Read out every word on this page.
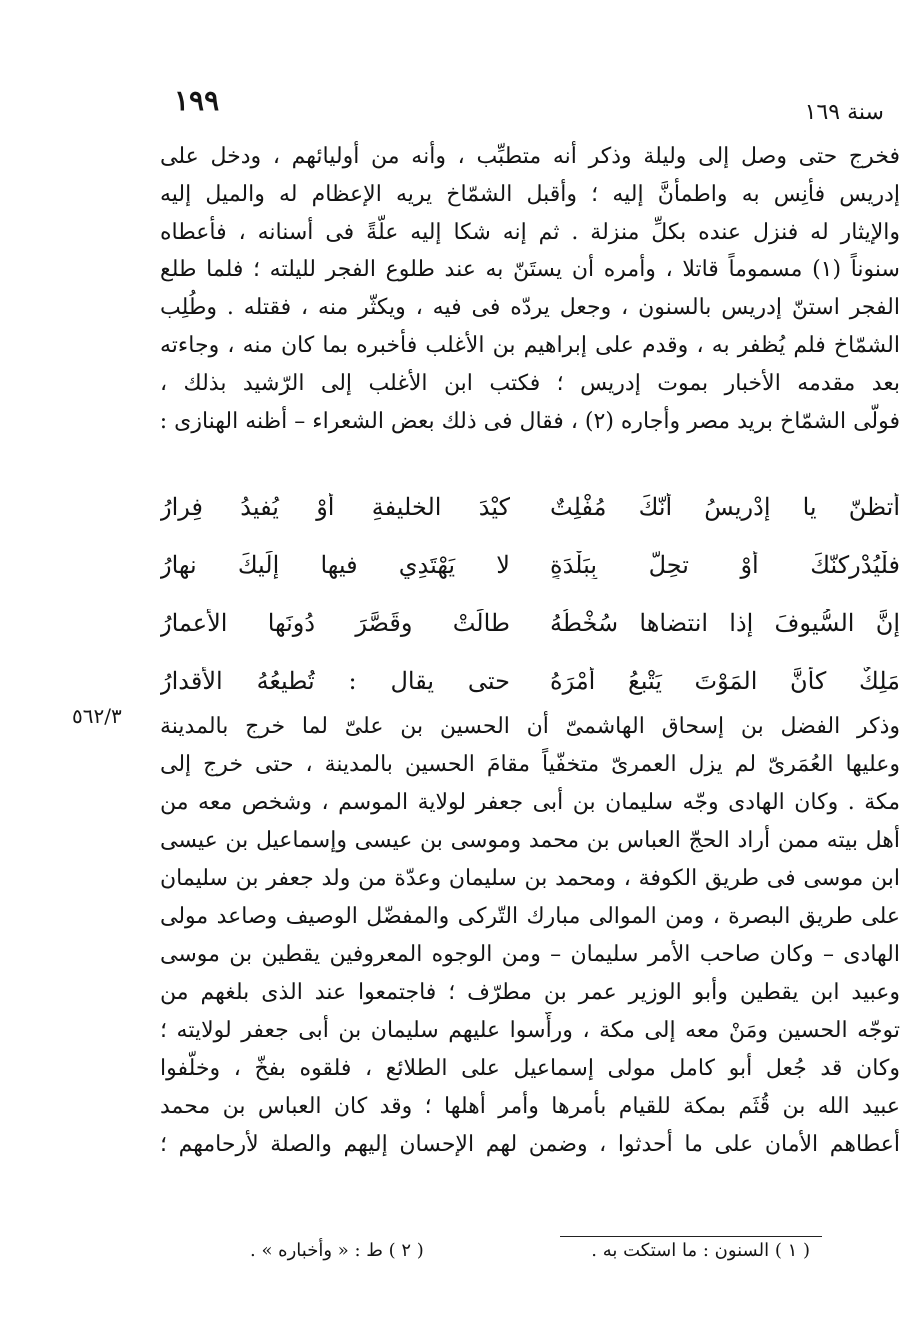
١٩٩	سنة ١٦٩
فخرج حتى وصل إلى وليلة وذكر أنه متطبِّب ، وأنه من أوليائهم ، ودخل على
إدريس فأنِس به واطمأنَّ إليه ؛ وأقبل الشمّاخ يريه الإعظام له والميل إليه
والإيثار له فنزل عنده بكلِّ منزلة . ثم إنه شكا إليه علّةً فى أسنانه ، فأعطاه
سنوناً (١) مسموماً قاتلا ، وأمره أن يستَنّ به عند طلوع الفجر لليلته ؛ فلما طلع
الفجر استنّ إدريس بالسنون ، وجعل يردّه فى فيه ، ويكثّر منه ، فقتله . وطُلِب
الشمّاخ فلم يُظفر به ، وقدم على إبراهيم بن الأغلب فأخبره بما كان منه ، وجاءته
بعد مقدمه الأخبار بموت إدريس ؛ فكتب ابن الأغلب إلى الرّشيد بذلك ،
فولّى الشمّاخ بريد مصر وأجاره (٢) ، فقال فى ذلك بعض الشعراء – أظنه الهنازى :
أتظنّ يا إدْرِيسُ أنّكَ مُفْلِتٌ
كيْدَ الخليفةِ أوْ يُفيدُ فِرارُ
فلْيُدْرِكنّكَ أوْ تحِلَّ بِبَلْدَةٍ
لا يَهْتَدِي فيها إلَيكَ نهارُ
إنَّ السُّيوفَ إذا انتضاها سُخْطُهُ
طالَتْ وقَصَّرَ دُونَها الأعمارُ
مَلِكٌ كأنَّ المَوْتَ يَتْبعُ أمْرَهُ
حتى يقال : تُطيعُهُ الأقدارُ
٥٦٢/٣ وذكر الفضل بن إسحاق الهاشمىّ أن الحسين بن علىّ لما خرج بالمدينة
وعليها العُمَرىّ لم يزل العمرىّ متخفّياً مقامَ الحسين بالمدينة ، حتى خرج إلى
مكة . وكان الهادى وجّه سليمان بن أبى جعفر لولاية الموسم ، وشخص معه من
أهل بيته ممن أراد الحجّ العباس بن محمد وموسى بن عيسى وإسماعيل بن عيسى
ابن موسى فى طريق الكوفة ، ومحمد بن سليمان وعدّة من ولد جعفر بن سليمان
على طريق البصرة ، ومن الموالى مبارك التّركى والمفضّل الوصيف وصاعد مولى
الهادى – وكان صاحب الأمر سليمان – ومن الوجوه المعروفين يقطين بن موسى
وعبيد ابن يقطين وأبو الوزير عمر بن مطرّف ؛ فاجتمعوا عند الذى بلغهم من
توجّه الحسين ومَنْ معه إلى مكة ، ورأّسوا عليهم سليمان بن أبى جعفر لولايته ؛
وكان قد جُعل أبو كامل مولى إسماعيل على الطلائع ، فلقوه بفخّ ، وخلّفوا
عبيد الله بن قُثَم بمكة للقيام بأمرها وأمر أهلها ؛ وقد كان العباس بن محمد
أعطاهم الأمان على ما أحدثوا ، وضمن لهم الإحسان إليهم والصلة لأرحامهم ؛
( ١ ) السنون : ما استكت به .
( ٢ ) ط : « وأخباره » .
